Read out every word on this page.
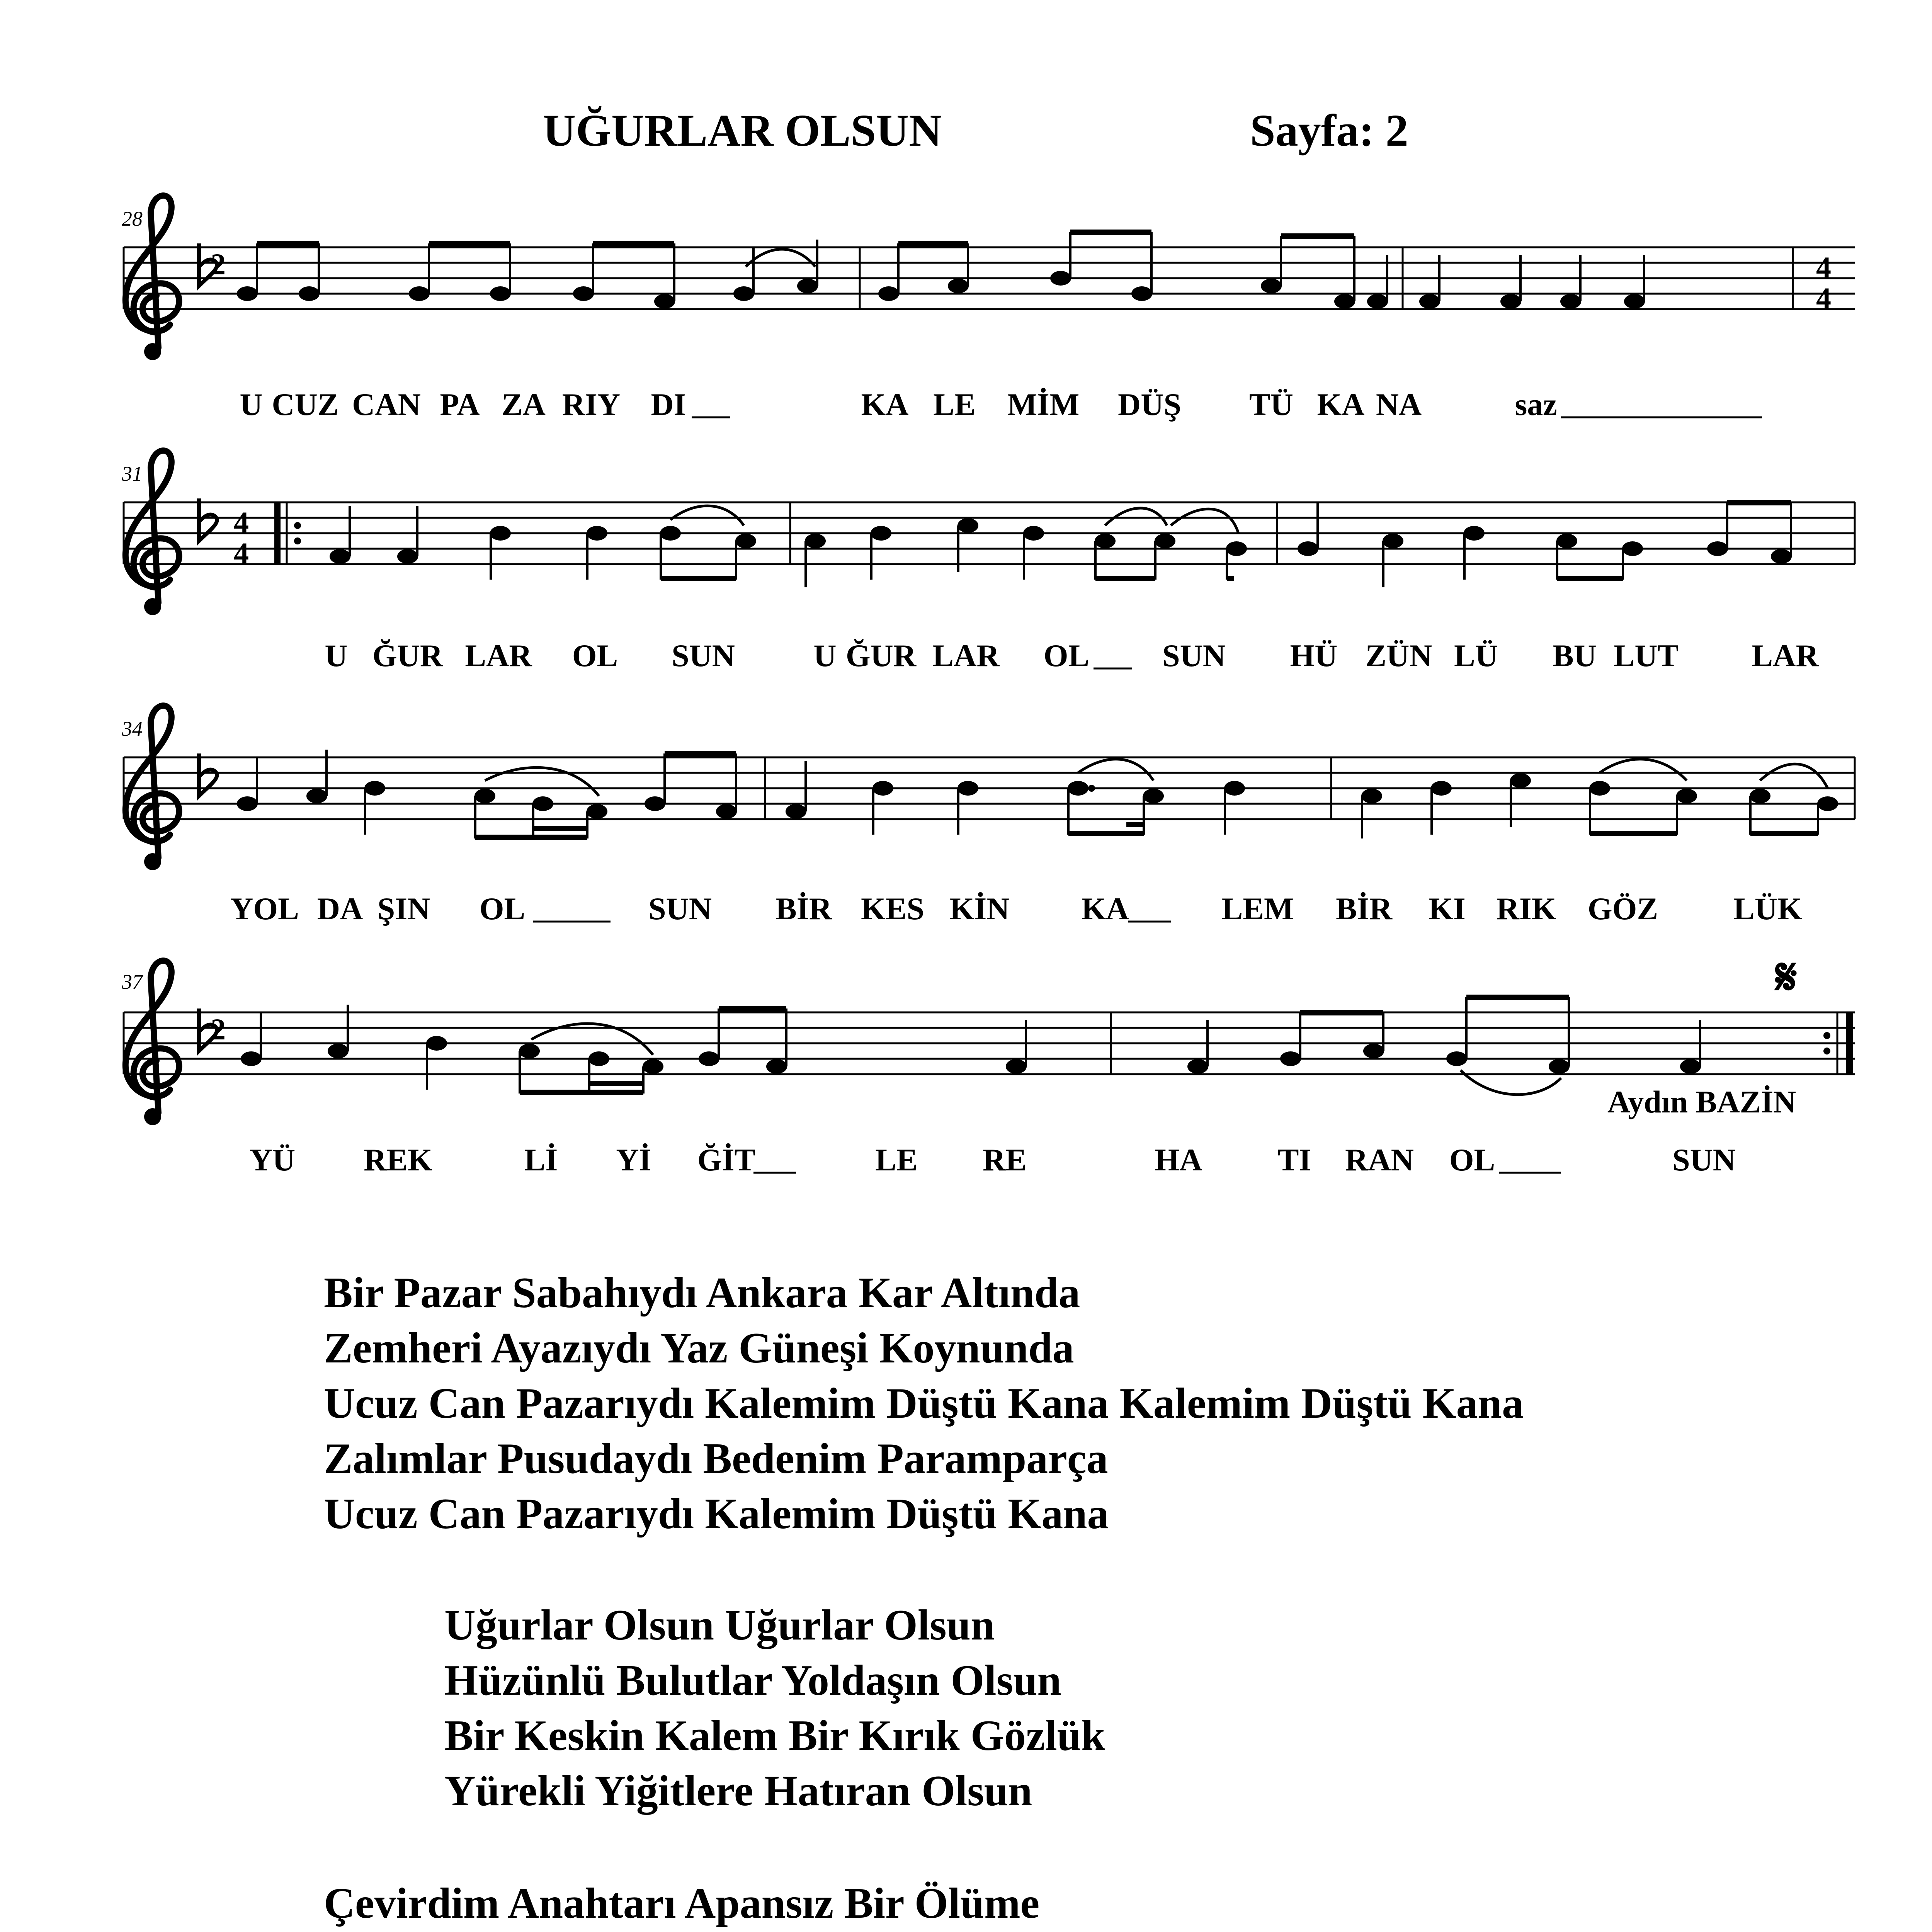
UĞURLAR OLSUN	Sayfa: 2
28
31
34
37
2	4
4
4
4
2
𝄋
Aydın BAZİN
U CUZ CAN PA ZA RIY DI	KA LE MİM DÜŞ TÜ KA NA	saz
U ĞUR LAR OL SUN U ĞUR LAR OL SUN HÜ ZÜN LÜ BU LUT LAR
YOL DA ŞIN OL	SUN BİR KES KİN KA	LEM BİR KI RIK GÖZ LÜK
YÜ REK	Lİ Yİ ĞİT	LE RE	HA TI RAN OL	SUN
Bir Pazar Sabahıydı Ankara Kar Altında
Zemheri Ayazıydı Yaz Güneşi Koynunda
Ucuz Can Pazarıydı Kalemim Düştü Kana Kalemim Düştü Kana
Zalımlar Pusudaydı Bedenim Paramparça
Ucuz Can Pazarıydı Kalemim Düştü Kana
Uğurlar Olsun Uğurlar Olsun
Hüzünlü Bulutlar Yoldaşın Olsun
Bir Keskin Kalem Bir Kırık Gözlük
Yürekli Yiğitlere Hatıran Olsun
Çevirdim Anahtarı Apansız Bir Ölüme
